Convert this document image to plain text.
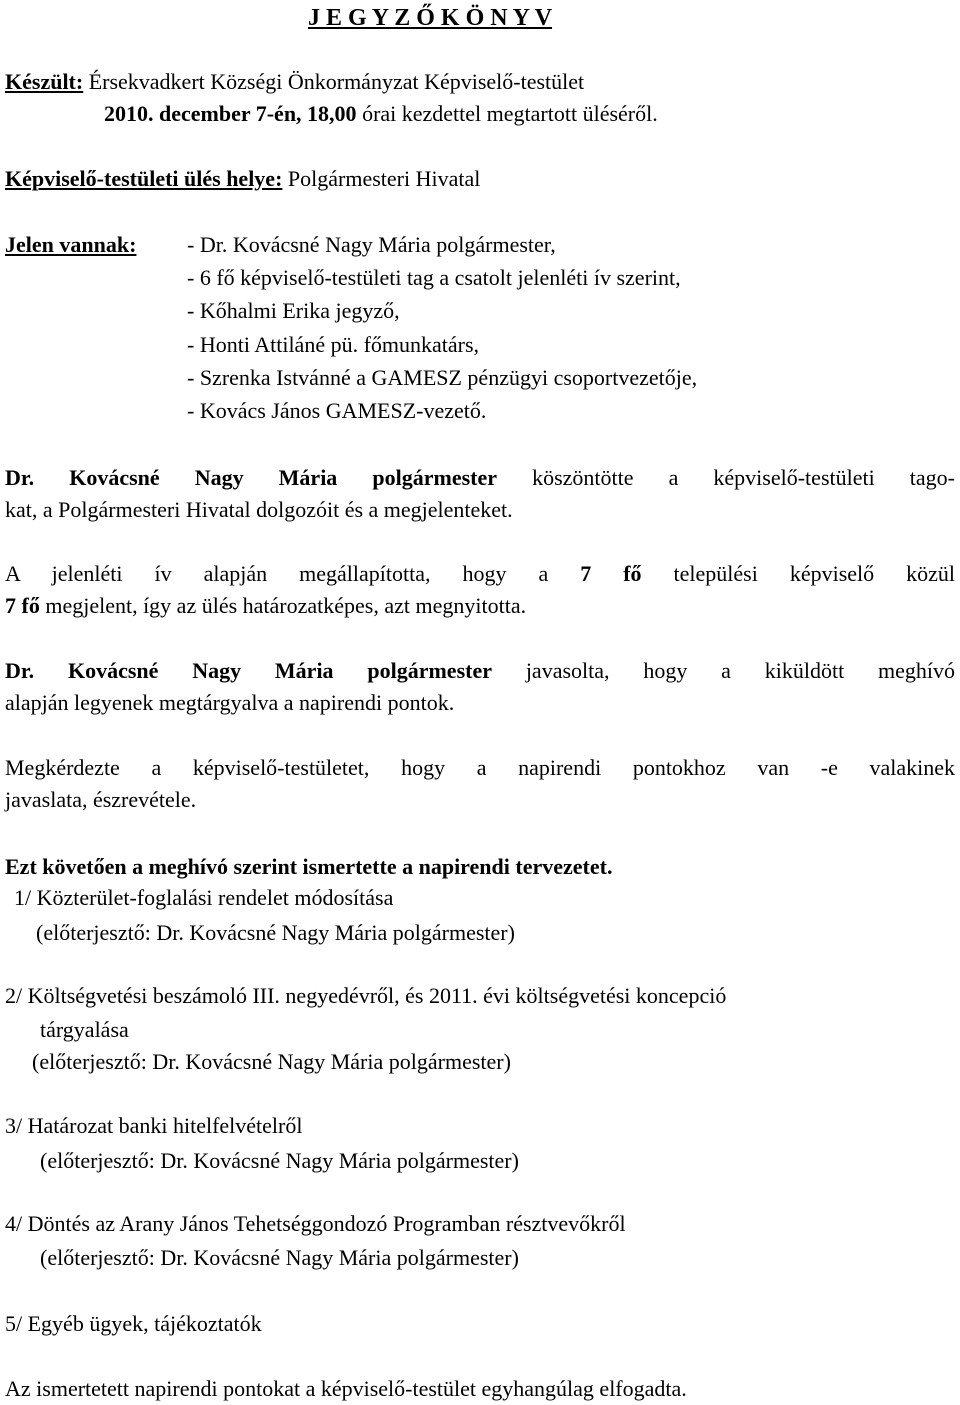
J E G Y Z Ő K Ö N Y V
Készült: Érsekvadkert Községi Önkormányzat Képviselő-testület
2010. december 7-én, 18,00 órai kezdettel megtartott üléséről.
Képviselő-testületi ülés helye: Polgármesteri Hivatal
Jelen vannak: - Dr. Kovácsné Nagy Mária polgármester,
- 6 fő képviselő-testületi tag a csatolt jelenléti ív szerint,
- Kőhalmi Erika jegyző,
- Honti Attiláné pü. főmunkatárs,
- Szrenka Istvánné a GAMESZ pénzügyi csoportvezetője,
- Kovács János GAMESZ-vezető.
Dr. Kovácsné Nagy Mária polgármester köszöntötte a képviselő-testületi tago-
kat, a Polgármesteri Hivatal dolgozóit és a megjelenteket.
A jelenléti ív alapján megállapította, hogy a 7 fő települési képviselő közül
7 fő megjelent, így az ülés határozatképes, azt megnyitotta.
Dr. Kovácsné Nagy Mária polgármester javasolta, hogy a kiküldött meghívó
alapján legyenek megtárgyalva a napirendi pontok.
Megkérdezte a képviselő-testületet, hogy a napirendi pontokhoz van -e valakinek
javaslata, észrevétele.
Ezt követően a meghívó szerint ismertette a napirendi tervezetet.
1/ Közterület-foglalási rendelet módosítása
(előterjesztő: Dr. Kovácsné Nagy Mária polgármester)
2/ Költségvetési beszámoló III. negyedévről, és 2011. évi költségvetési koncepció
tárgyalása
(előterjesztő: Dr. Kovácsné Nagy Mária polgármester)
3/ Határozat banki hitelfelvételről
(előterjesztő: Dr. Kovácsné Nagy Mária polgármester)
4/ Döntés az Arany János Tehetséggondozó Programban résztvevőkről
(előterjesztő: Dr. Kovácsné Nagy Mária polgármester)
5/ Egyéb ügyek, tájékoztatók
Az ismertetett napirendi pontokat a képviselő-testület egyhangúlag elfogadta.
